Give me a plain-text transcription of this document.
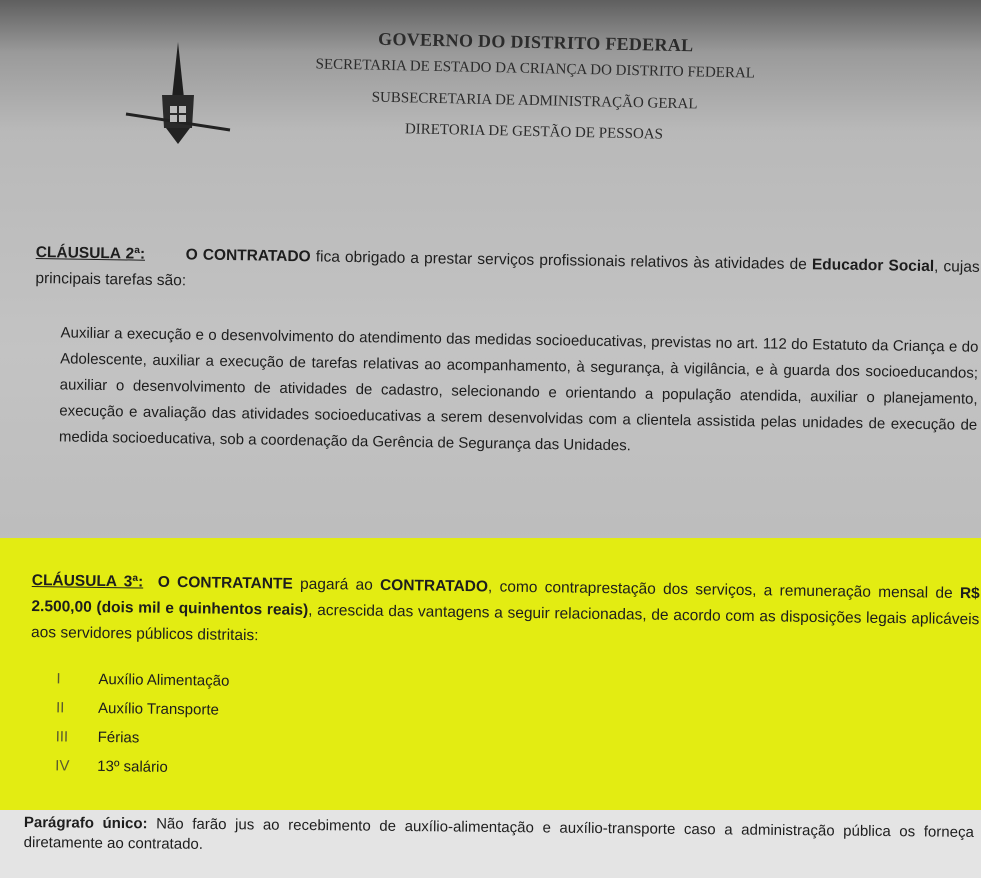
GOVERNO DO DISTRITO FEDERAL

SECRETARIA DE ESTADO DA CRIANÇA DO DISTRITO FEDERAL

SUBSECRETARIA DE ADMINISTRAÇÃO GERAL

DIRETORIA DE GESTÃO DE PESSOAS

CLÁUSULA 2ª:	O CONTRATADO fica obrigado a prestar serviços profissionais relativos às atividades de Educador Social, cujas principais tarefas são:

Auxiliar a execução e o desenvolvimento do atendimento das medidas socioeducativas, previstas no art. 112 do Estatuto da Criança e do Adolescente, auxiliar a execução de tarefas relativas ao acompanhamento, à segurança, à vigilância, e à guarda dos socioeducandos; auxiliar o desenvolvimento de atividades de cadastro, selecionando e orientando a população atendida, auxiliar o planejamento, execução e avaliação das atividades socioeducativas a serem desenvolvidas com a clientela assistida pelas unidades de execução de medida socioeducativa, sob a coordenação da Gerência de Segurança das Unidades.

CLÁUSULA 3ª: O CONTRATANTE pagará ao CONTRATADO, como contraprestação dos serviços, a remuneração mensal de R$ 2.500,00 (dois mil e quinhentos reais), acrescida das vantagens a seguir relacionadas, de acordo com as disposições legais aplicáveis aos servidores públicos distritais:

I	Auxílio Alimentação
II Auxílio Transporte
III Férias
IV 13º salário

Parágrafo único: Não farão jus ao recebimento de auxílio-alimentação e auxílio-transporte caso a administração pública os forneça diretamente ao contratado.
